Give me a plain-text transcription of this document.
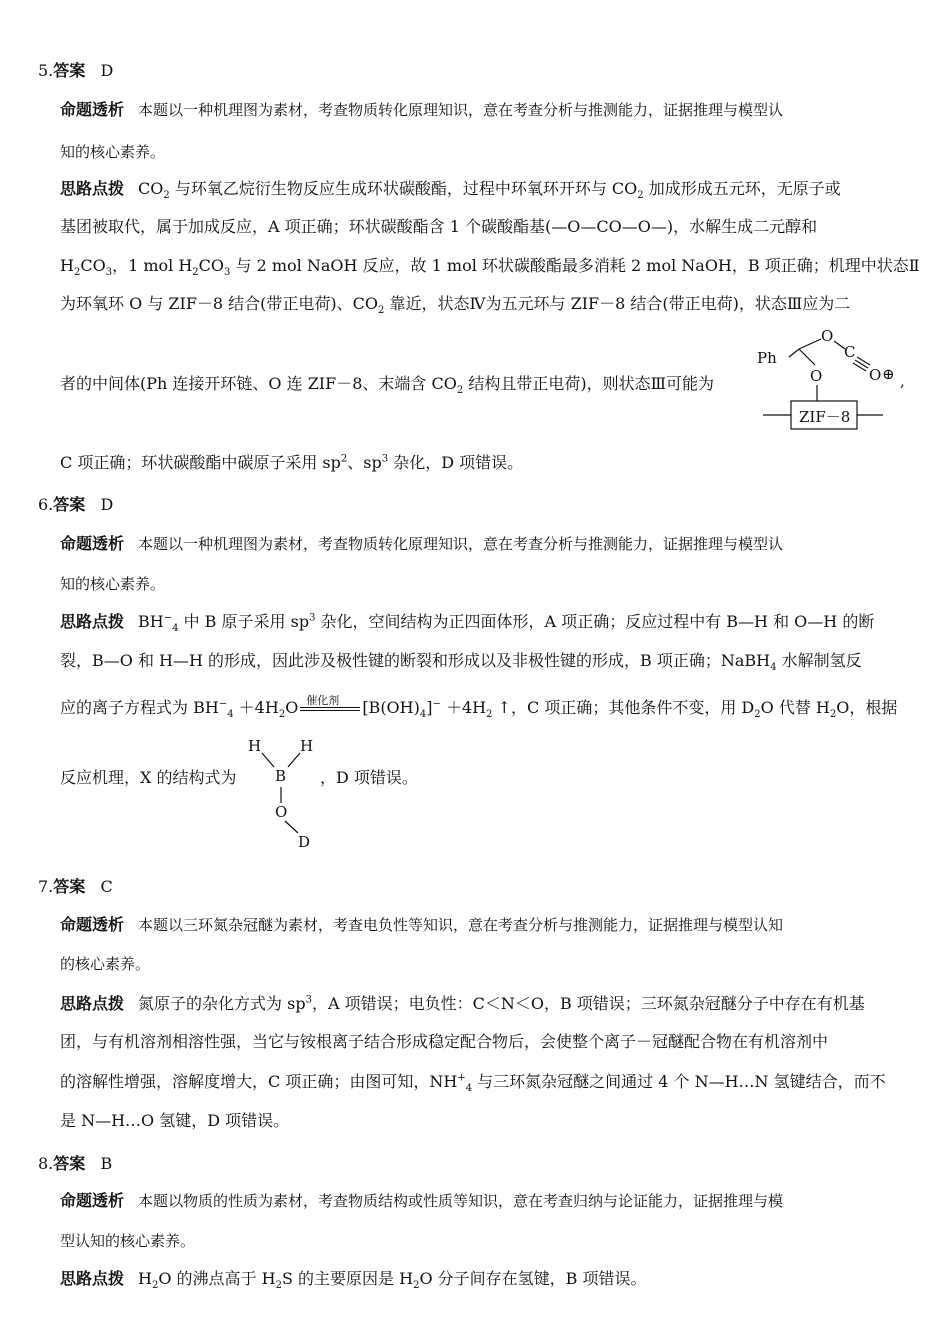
5.答案 D
命题透析 本题以一种机理图为素材，考查物质转化原理知识，意在考查分析与推测能力，证据推理与模型认
知的核心素养。
思路点拨 $CO_2$ 与环氧乙烷衍生物反应生成环状碳酸酯，过程中环氧环开环与 $CO_2$ 加成形成五元环，无原子或
基团被取代，属于加成反应，A 项正确；环状碳酸酯含 1 个碳酸酯基(—O—CO—O—)，水解生成二元醇和
$H_2CO_3$，1 mol $H_2CO_3$ 与 2 mol NaOH 反应，故 1 mol 环状碳酸酯最多消耗 2 mol NaOH，B 项正确；机理中状态Ⅱ
为环氧环 O 与 ZIF－8 结合(带正电荷)、$CO_2$ 靠近，状态Ⅳ为五元环与 ZIF－8 结合(带正电荷)，状态Ⅲ应为二
者的中间体(Ph 连接开环链、O 连 ZIF－8、末端含 $CO_2$ 结构且带正电荷)，则状态Ⅲ可能为	,
Ph
O
C
O ⊕
O
ZIF－8
C 项正确；环状碳酸酯中碳原子采用 $sp^2$、$sp^3$ 杂化，D 项错误。
6.答案 D
命题透析 本题以一种机理图为素材，考查物质转化原理知识，意在考查分析与推测能力，证据推理与模型认
知的核心素养。
思路点拨 $BH^-_4$ 中 B 原子采用 $sp^3$ 杂化，空间结构为正四面体形，A 项正确；反应过程中有 B—H 和 O—H 的断
裂，B—O 和 H—H 的形成，因此涉及极性键的断裂和形成以及非极性键的形成，B 项正确；NaBH$_4$ 水解制氢反
应的离子方程式为 $BH^-_4 +4H_2O$ 催化剂 $[B(OH)_4]^- +4H_2$ ↑，C 项正确；其他条件不变，用 $D_2O$ 代替 $H_2O$，根据
H	H
B
O
D
反应机理，X 的结构式为	，D 项错误。
7.答案 C
命题透析 本题以三环氮杂冠醚为素材，考查电负性等知识，意在考查分析与推测能力，证据推理与模型认知
的核心素养。
思路点拨 氮原子的杂化方式为 $sp^3$，A 项错误；电负性：C＜N＜O，B 项错误；三环氮杂冠醚分子中存在有机基
团，与有机溶剂相溶性强，当它与铵根离子结合形成稳定配合物后，会使整个离子－冠醚配合物在有机溶剂中
的溶解性增强，溶解度增大，C 项正确；由图可知，$NH^+_4$ 与三环氮杂冠醚之间通过 4 个 N—H…N 氢键结合，而不
是 N—H…O 氢键，D 项错误。
8.答案 B
命题透析 本题以物质的性质为素材，考查物质结构或性质等知识，意在考查归纳与论证能力，证据推理与模
型认知的核心素养。
思路点拨 $H_2O$ 的沸点高于 $H_2S$ 的主要原因是 $H_2O$ 分子间存在氢键，B 项错误。
